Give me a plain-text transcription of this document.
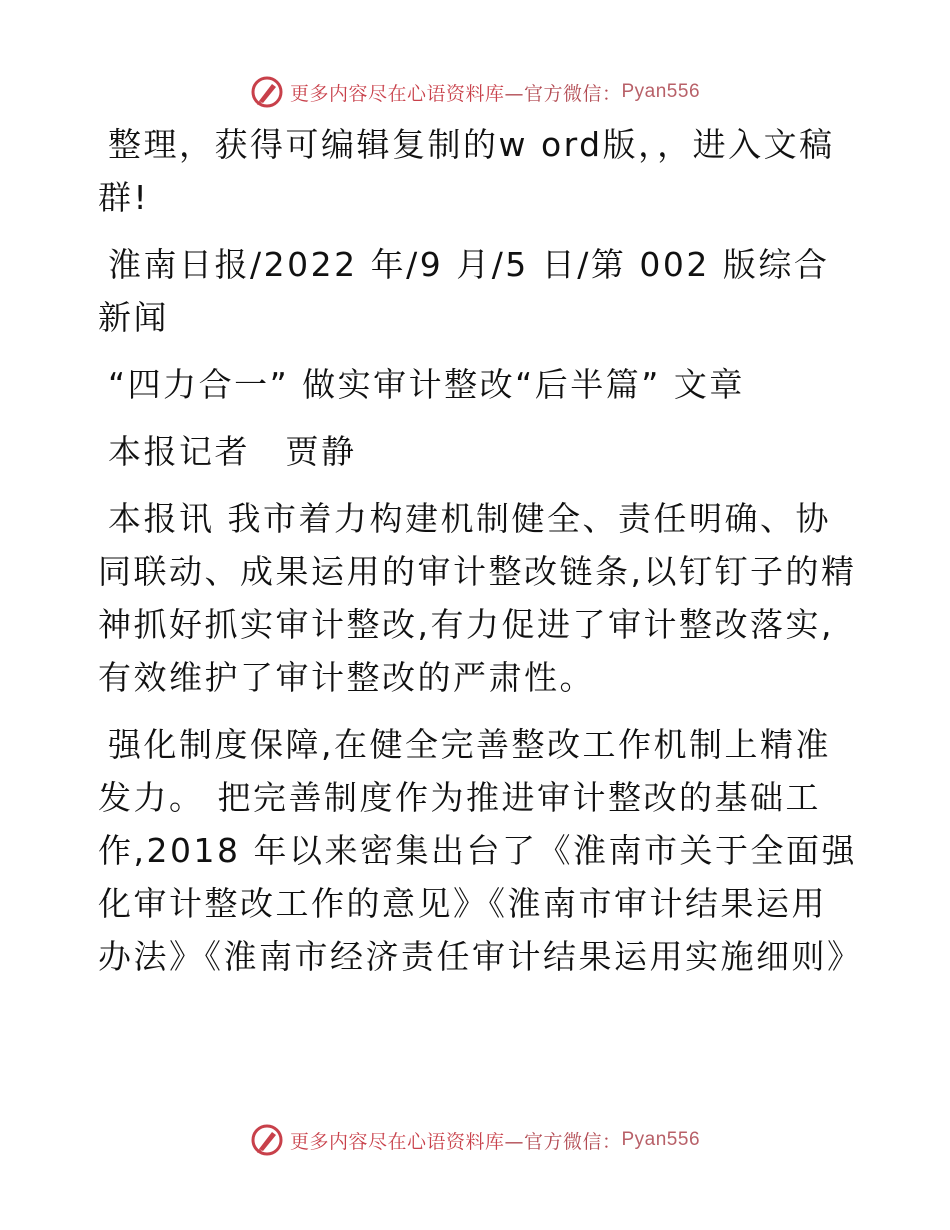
更多内容尽在心语资料库 —官方微信： Pyan556

整理，获得可编辑复制的w ord版，，进入文稿群!

淮南日报/2022 年/9 月/5 日/第 002 版综合新闻

“四力合一” 做实审计整改“后半篇” 文章

本报记者　贾静

本报讯 我市着力构建机制健全、责任明确、协同联动、成果运用的审计整改链条,以钉钉子的精神抓好抓实审计整改,有力促进了审计整改落实,有效维护了审计整改的严肃性。

强化制度保障,在健全完善整改工作机制上精准发力。 把完善制度作为推进审计整改的基础工作,2018 年以来密集出台了《淮南市关于全面强化审计整改工作的意见》《淮南市审计结果运用办法》《淮南市经济责任审计结果运用实施细则》

更多内容尽在心语资料库 —官方微信： Pyan556
